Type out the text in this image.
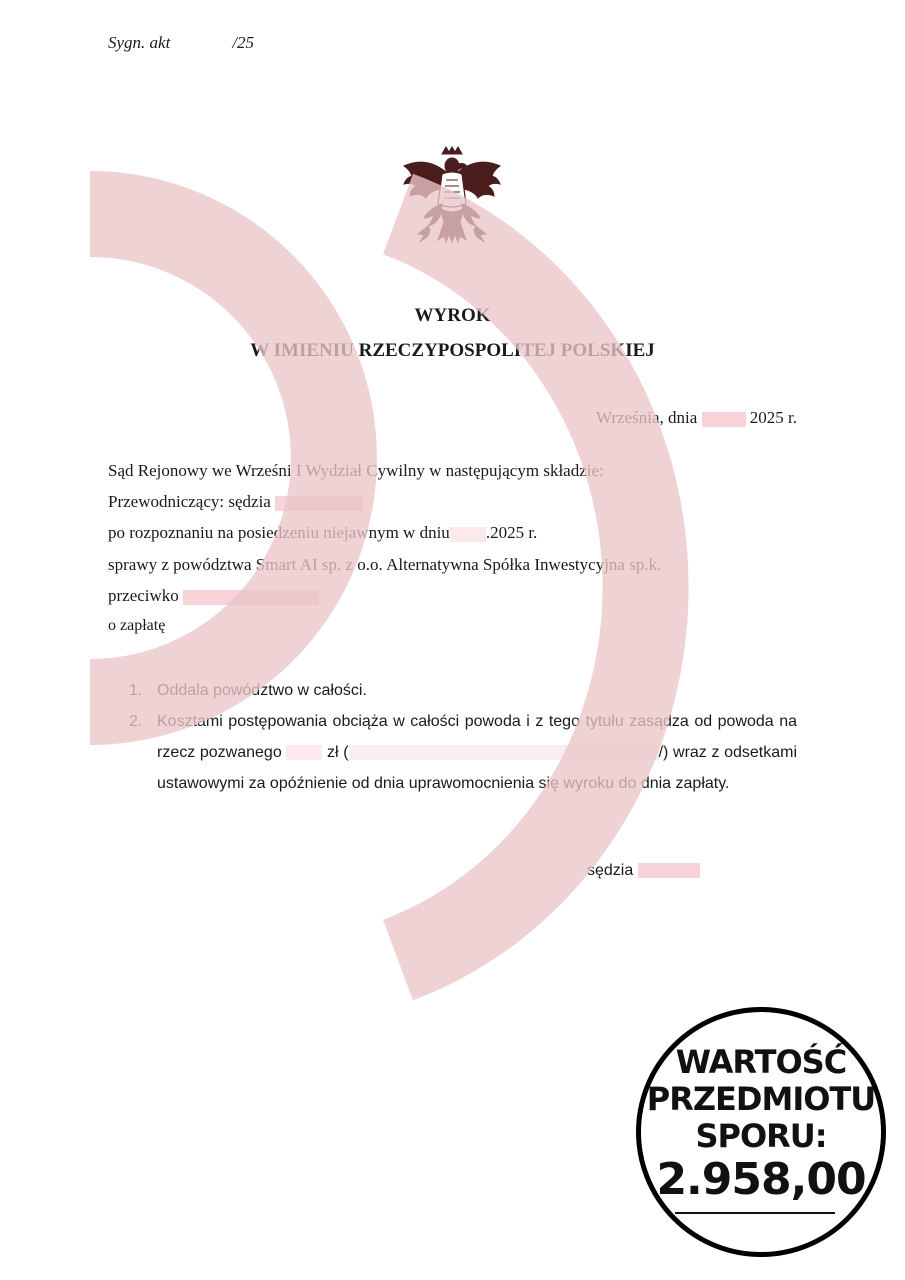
Sygn. akt	/25
WYROK
W IMIENIU RZECZYPOSPOLITEJ POLSKIEJ
Września, dnia	2025 r.
Sąd Rejonowy we Wrześni I Wydział Cywilny w następującym składzie:
Przewodniczący: sędzia
po rozpoznaniu na posiedzeniu niejawnym w dniu .2025 r.
sprawy z powództwa Smart AI sp. z o.o. Alternatywna Spółka Inwestycyjna sp.k.
przeciwko
o zapłatę
1. Oddala powództwo w całości.
2. Kosztami postępowania obciąża w całości powoda i z tego tytułu zasądza od powoda na rzecz pozwanego	zł (	/) wraz z odsetkami ustawowymi za opóźnienie od dnia uprawomocnienia się wyroku do dnia zapłaty.
sędzia
WARTOŚĆ
PRZEDMIOTU
SPORU:
2.958,00
